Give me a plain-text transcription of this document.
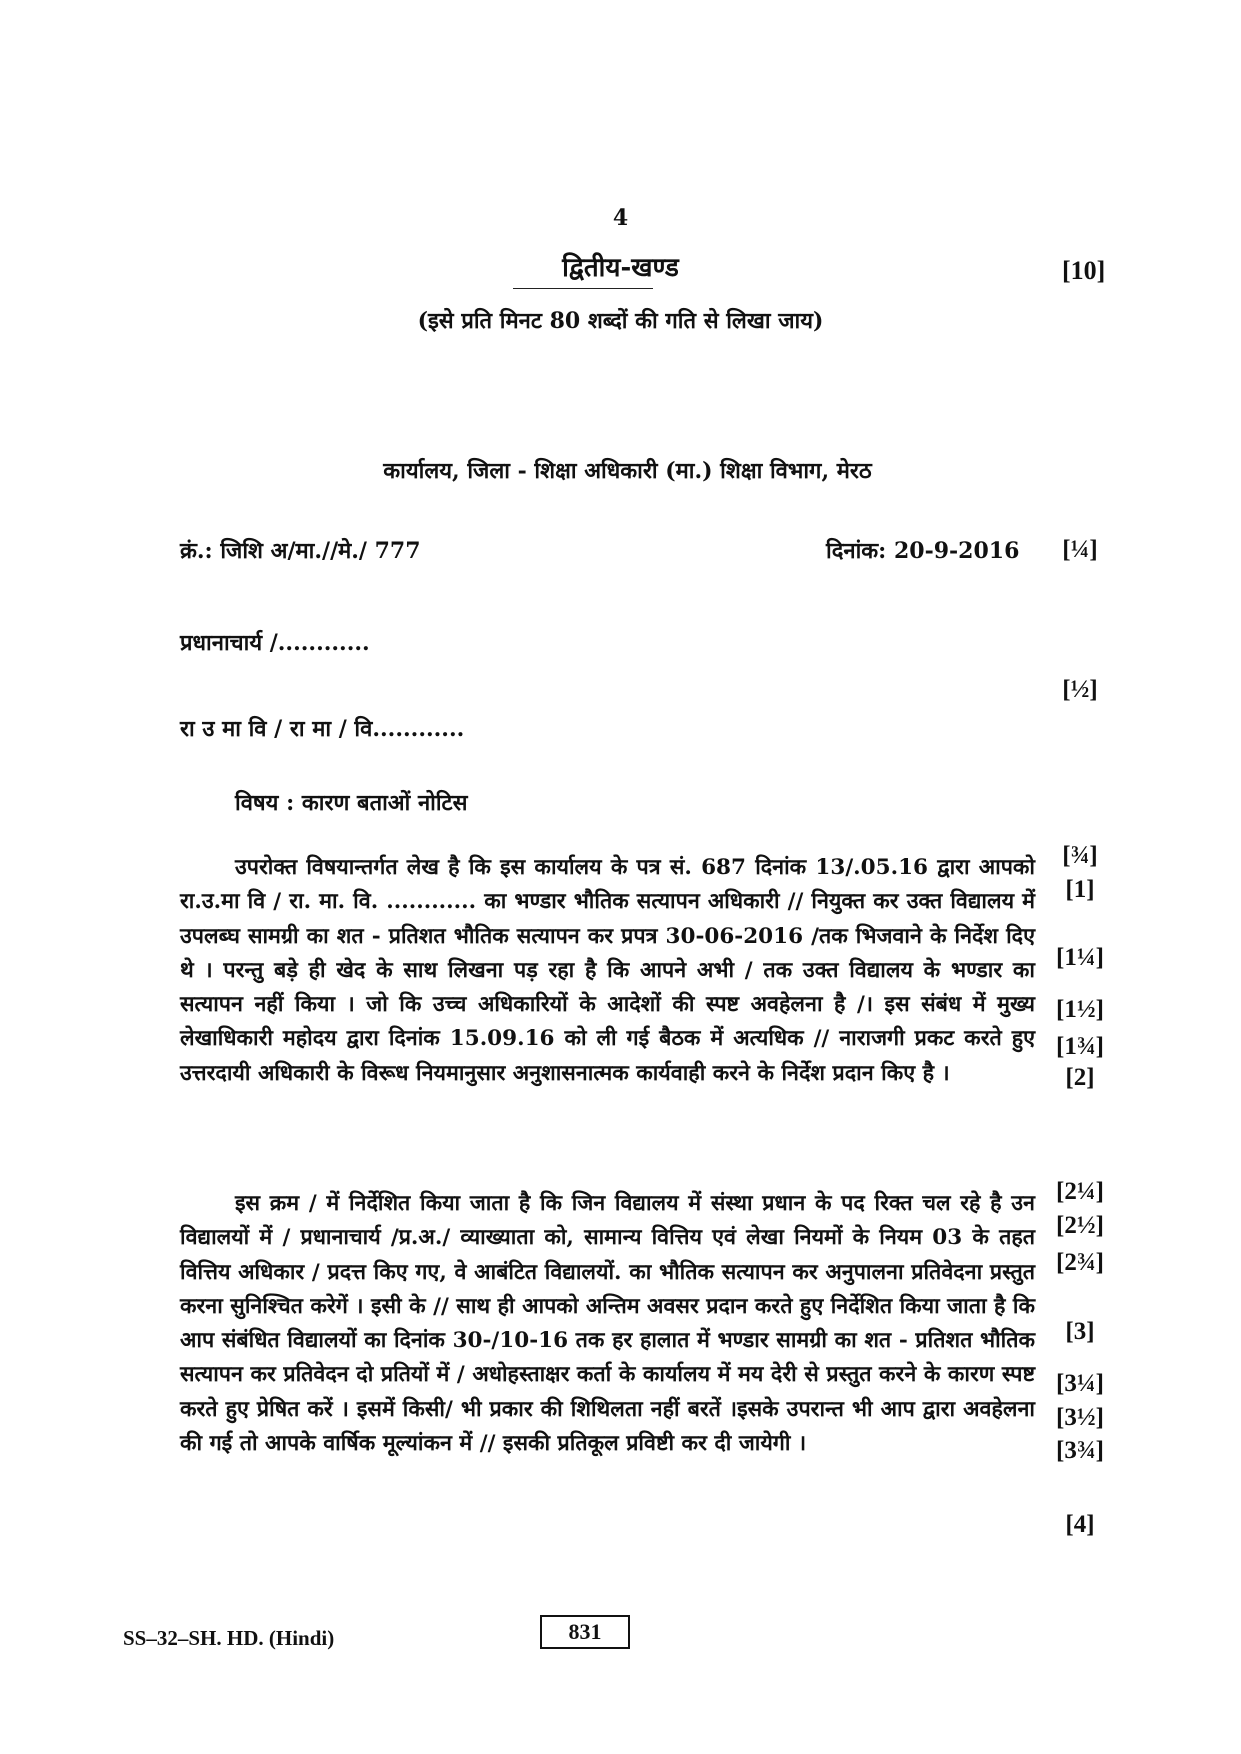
4
द्वितीय-खण्ड	[10]
(इसे प्रति मिनट 80 शब्दों की गति से लिखा जाय)
कार्यालय, जिला - शिक्षा अधिकारी (मा.) शिक्षा विभाग, मेरठ
क्रं.: जिशि अ/मा.//मे./ 777	दिनांक: 20-9-2016
प्रधानाचार्य /............
रा उ मा वि / रा मा / वि............
विषय : कारण बताओं नोटिस

उपरोक्त विषयान्तर्गत लेख है कि इस कार्यालय के पत्र सं. 687 दिनांक 13/.05.16 द्वारा आपको रा.उ.मा वि / रा. मा. वि. ............ का भण्डार भौतिक सत्यापन अधिकारी // नियुक्त कर उक्त विद्यालय में उपलब्घ सामग्री का शत - प्रतिशत भौतिक सत्यापन कर प्रपत्र 30-06-2016 /तक भिजवाने के निर्देश दिए थे । परन्तु बड़े ही खेद के साथ लिखना पड़ रहा है कि आपने अभी / तक उक्त विद्यालय के भण्डार का सत्यापन नहीं किया । जो कि उच्च अधिकारियों के आदेशों की स्पष्ट अवहेलना है /। इस संबंध में मुख्य लेखाधिकारी महोदय द्वारा दिनांक 15.09.16 को ली गई बैठक में अत्यधिक // नाराजगी प्रकट करते हुए उत्तरदायी अधिकारी के विरूध नियमानुसार अनुशासनात्मक कार्यवाही करने के निर्देश प्रदान किए है ।

इस क्रम / में निर्देशित किया जाता है कि जिन विद्यालय में संस्था प्रधान के पद रिक्त चल रहे है उन विद्यालयों में / प्रधानाचार्य /प्र.अ./ व्याख्याता को, सामान्य वित्तिय एवं लेखा नियमों के नियम 03 के तहत वित्तिय अधिकार / प्रदत्त किए गए, वे आबंटित विद्यालयों. का भौतिक सत्यापन कर अनुपालना प्रतिवेदना प्रस्तुत करना सुनिश्चित करेगें । इसी के // साथ ही आपको अन्तिम अवसर प्रदान करते हुए निर्देशित किया जाता है कि आप संबंधित विद्यालयों का दिनांक 30-/10-16 तक हर हालात में भण्डार सामग्री का शत - प्रतिशत भौतिक सत्यापन कर प्रतिवेदन दो प्रतियों में / अधोहस्ताक्षर कर्ता के कार्यालय में मय देरी से प्रस्तुत करने के कारण स्पष्ट करते हुए प्रेषित करें । इसमें किसी/ भी प्रकार की शिथिलता नहीं बरतें ।इसके उपरान्त भी आप द्वारा अवहेलना की गई तो आपके वार्षिक मूल्यांकन में // इसकी प्रतिकूल प्रविष्टी कर दी जायेगी ।

[¼]
[½]
[¾]
[1]
[1¼]
[1½]
[1¾]
[2]
[2¼]
[2½]
[2¾]
[3]
[3¼]
[3½]
[3¾]
[4]
SS–32–SH. HD. (Hindi)	831
